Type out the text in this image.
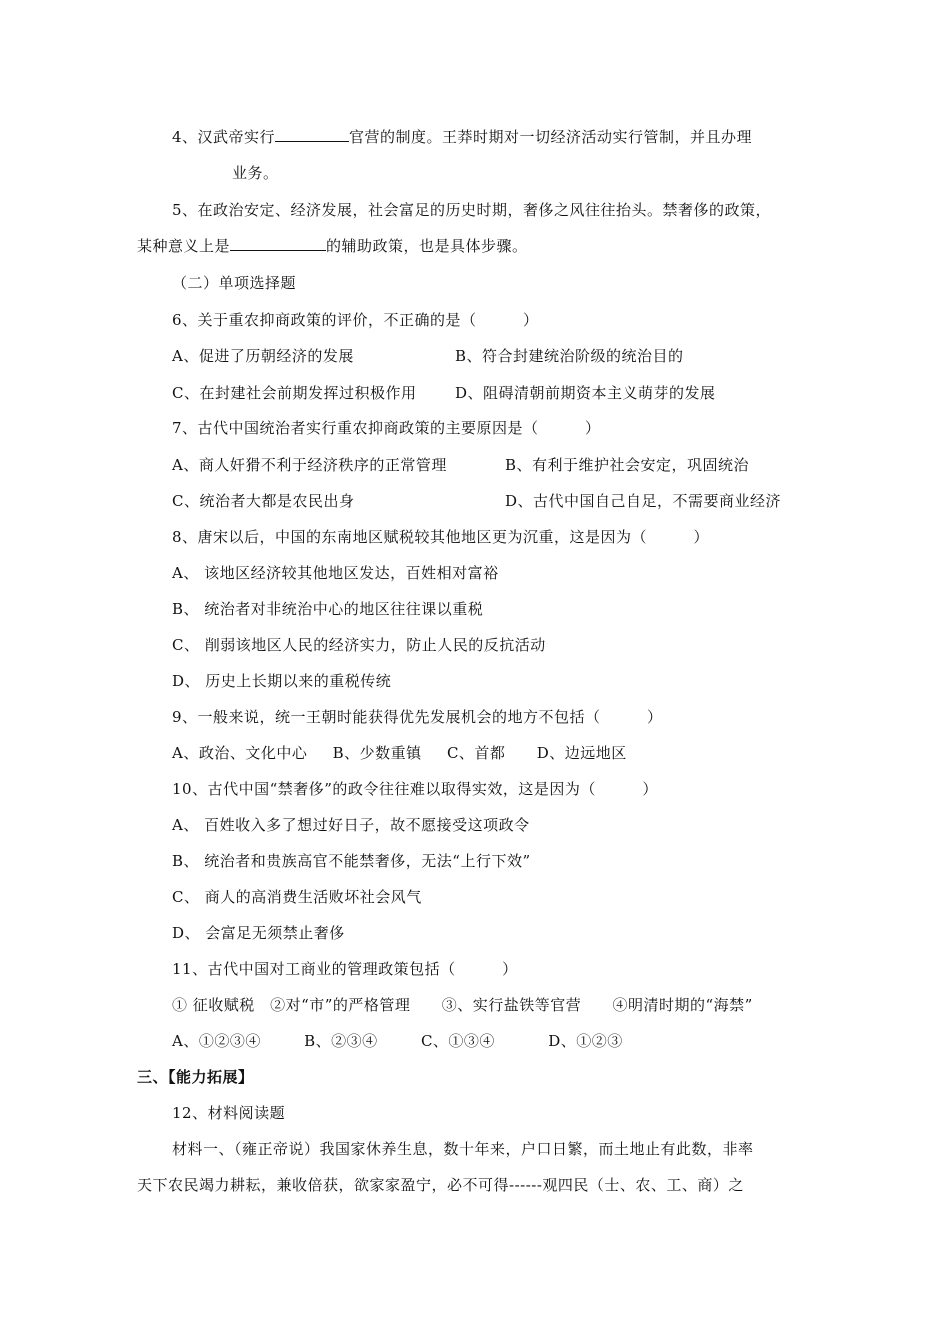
4、汉武帝实行	官营的制度。王莽时期对一切经济活动实行管制，并且办理
业务。
5、在政治安定、经济发展，社会富足的历史时期，奢侈之风往往抬头。禁奢侈的政策，
某种意义上是	的辅助政策，也是具体步骤。
（二）单项选择题
6、关于重农抑商政策的评价，不正确的是（　　　）
A、促进了历朝经济的发展	B、符合封建统治阶级的统治目的
C、在封建社会前期发挥过积极作用	D、阻碍清朝前期资本主义萌芽的发展
7、古代中国统治者实行重农抑商政策的主要原因是（　　　）
A、商人奸猾不利于经济秩序的正常管理	B、有利于维护社会安定，巩固统治
C、统治者大都是农民出身	D、古代中国自己自足，不需要商业经济
8、唐宋以后，中国的东南地区赋税较其他地区更为沉重，这是因为（　　　）
A、 该地区经济较其他地区发达，百姓相对富裕
B、 统治者对非统治中心的地区往往课以重税
C、 削弱该地区人民的经济实力，防止人民的反抗活动
D、 历史上长期以来的重税传统
9、一般来说，统一王朝时能获得优先发展机会的地方不包括（　　　）
A、政治、文化中心 B、少数重镇 C、首都 D、边远地区
10、古代中国“禁奢侈”的政令往往难以取得实效，这是因为（　　　）
A、 百姓收入多了想过好日子，故不愿接受这项政令
B、 统治者和贵族高官不能禁奢侈，无法“上行下效”
C、 商人的高消费生活败坏社会风气
D、 会富足无须禁止奢侈
11、古代中国对工商业的管理政策包括（　　　）
① 征收赋税 ②对“市”的严格管理 ③、实行盐铁等官营 ④明清时期的“海禁”
A、①②③④	B、②③④	C、①③④	D、①②③
三、【能力拓展】
12、材料阅读题
材料一、（雍正帝说）我国家休养生息，数十年来，户口日繁，而土地止有此数，非率
天下农民竭力耕耘，兼收倍获，欲家家盈宁，必不可得------观四民（士、农、工、商）之
